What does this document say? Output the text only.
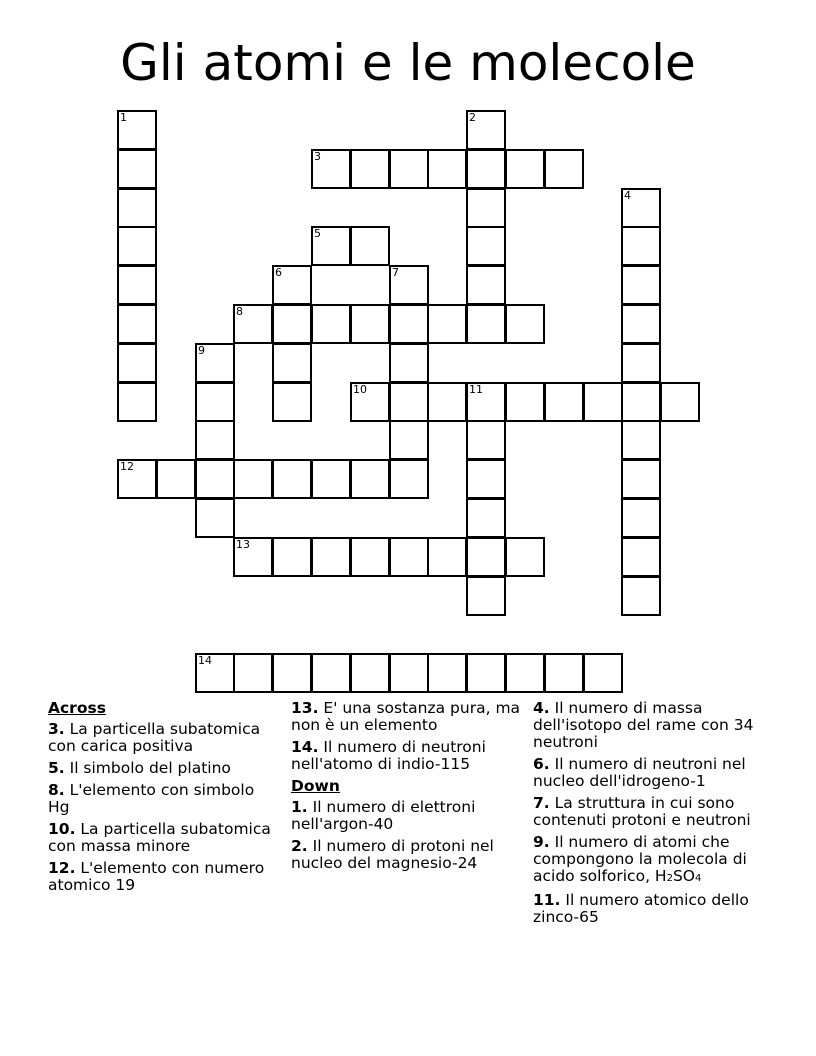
Gli atomi e le molecole
3
5
8
10	11
12
13
14
1	2
4
6	7
9
Across
3. La particella subatomica con carica positiva
5. Il simbolo del platino
8. L'elemento con simbolo Hg
10. La particella subatomica con massa minore
12. L'elemento con numero atomico 19
13. E' una sostanza pura, ma non è un elemento
14. Il numero di neutroni nell'atomo di indio-115
Down
1. Il numero di elettroni nell'argon-40
2. Il numero di protoni nel nucleo del magnesio-24
4. Il numero di massa dell'isotopo del rame con 34 neutroni
6. Il numero di neutroni nel nucleo dell'idrogeno-1
7. La struttura in cui sono contenuti protoni e neutroni
9. Il numero di atomi che compongono la molecola di acido solforico, H2SO4
11. Il numero atomico dello zinco-65
